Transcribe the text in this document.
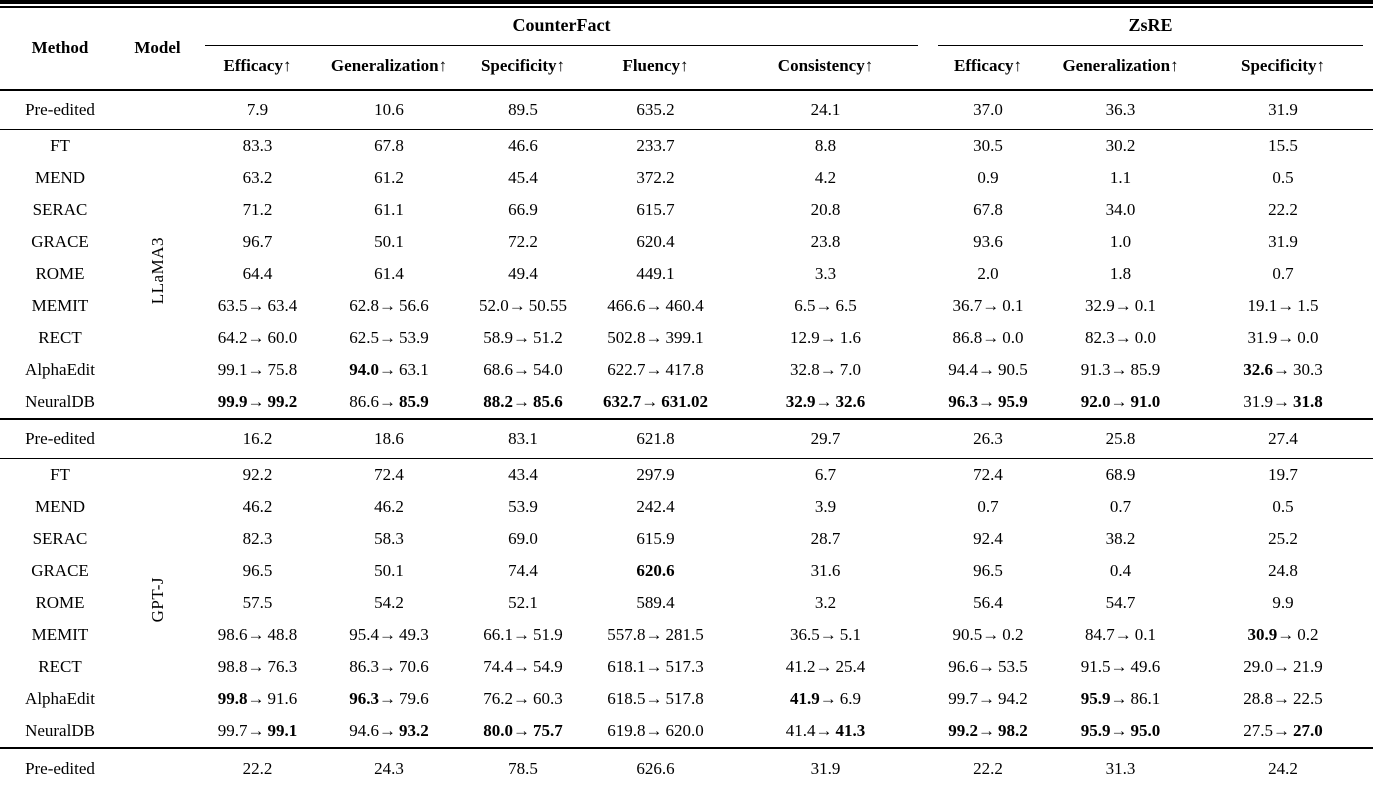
Method	Model	CounterFact					ZsRE		

		Efficacy↑	Generalization↑	Specificity↑	Fluency↑	Consistency↑	Efficacy↑	Generalization↑	Specificity↑
Pre-edited		7.9	10.6	89.5	635.2	24.1	37.0	36.3	31.9
FT	LLaMA3	83.3	67.8	46.6	233.7	8.8	30.5	30.2	15.5
MEND		63.2	61.2	45.4	372.2	4.2	0.9	1.1	0.5
SERAC		71.2	61.1	66.9	615.7	20.8	67.8	34.0	22.2
GRACE		96.7	50.1	72.2	620.4	23.8	93.6	1.0	31.9
ROME		64.4	61.4	49.4	449.1	3.3	2.0	1.8	0.7
MEMIT		63.5→ 63.4	62.8→ 56.6	52.0→ 50.55	466.6→ 460.4	6.5→ 6.5	36.7→ 0.1	32.9→ 0.1	19.1→ 1.5
RECT		64.2→ 60.0	62.5→ 53.9	58.9→ 51.2	502.8→ 399.1	12.9→ 1.6	86.8→ 0.0	82.3→ 0.0	31.9→ 0.0
AlphaEdit		99.1→ 75.8	94.0→ 63.1	68.6→ 54.0	622.7→ 417.8	32.8→ 7.0	94.4→ 90.5	91.3→ 85.9	32.6→ 30.3
NeuralDB		99.9→ 99.2	86.6→ 85.9	88.2→ 85.6	632.7→ 631.02	32.9→ 32.6	96.3→ 95.9	92.0→ 91.0	31.9→ 31.8
Pre-edited		16.2	18.6	83.1	621.8	29.7	26.3	25.8	27.4
FT	GPT-J	92.2	72.4	43.4	297.9	6.7	72.4	68.9	19.7
MEND		46.2	46.2	53.9	242.4	3.9	0.7	0.7	0.5
SERAC		82.3	58.3	69.0	615.9	28.7	92.4	38.2	25.2
GRACE		96.5	50.1	74.4	620.6	31.6	96.5	0.4	24.8
ROME		57.5	54.2	52.1	589.4	3.2	56.4	54.7	9.9
MEMIT		98.6→ 48.8	95.4→ 49.3	66.1→ 51.9	557.8→ 281.5	36.5→ 5.1	90.5→ 0.2	84.7→ 0.1	30.9→ 0.2
RECT		98.8→ 76.3	86.3→ 70.6	74.4→ 54.9	618.1→ 517.3	41.2→ 25.4	96.6→ 53.5	91.5→ 49.6	29.0→ 21.9
AlphaEdit		99.8→ 91.6	96.3→ 79.6	76.2→ 60.3	618.5→ 517.8	41.9→ 6.9	99.7→ 94.2	95.9→ 86.1	28.8→ 22.5
NeuralDB		99.7→ 99.1	94.6→ 93.2	80.0→ 75.7	619.8→ 620.0	41.4→ 41.3	99.2→ 98.2	95.9→ 95.0	27.5→ 27.0
Pre-edited		22.2	24.3	78.5	626.6	31.9	22.2	31.3	24.2
